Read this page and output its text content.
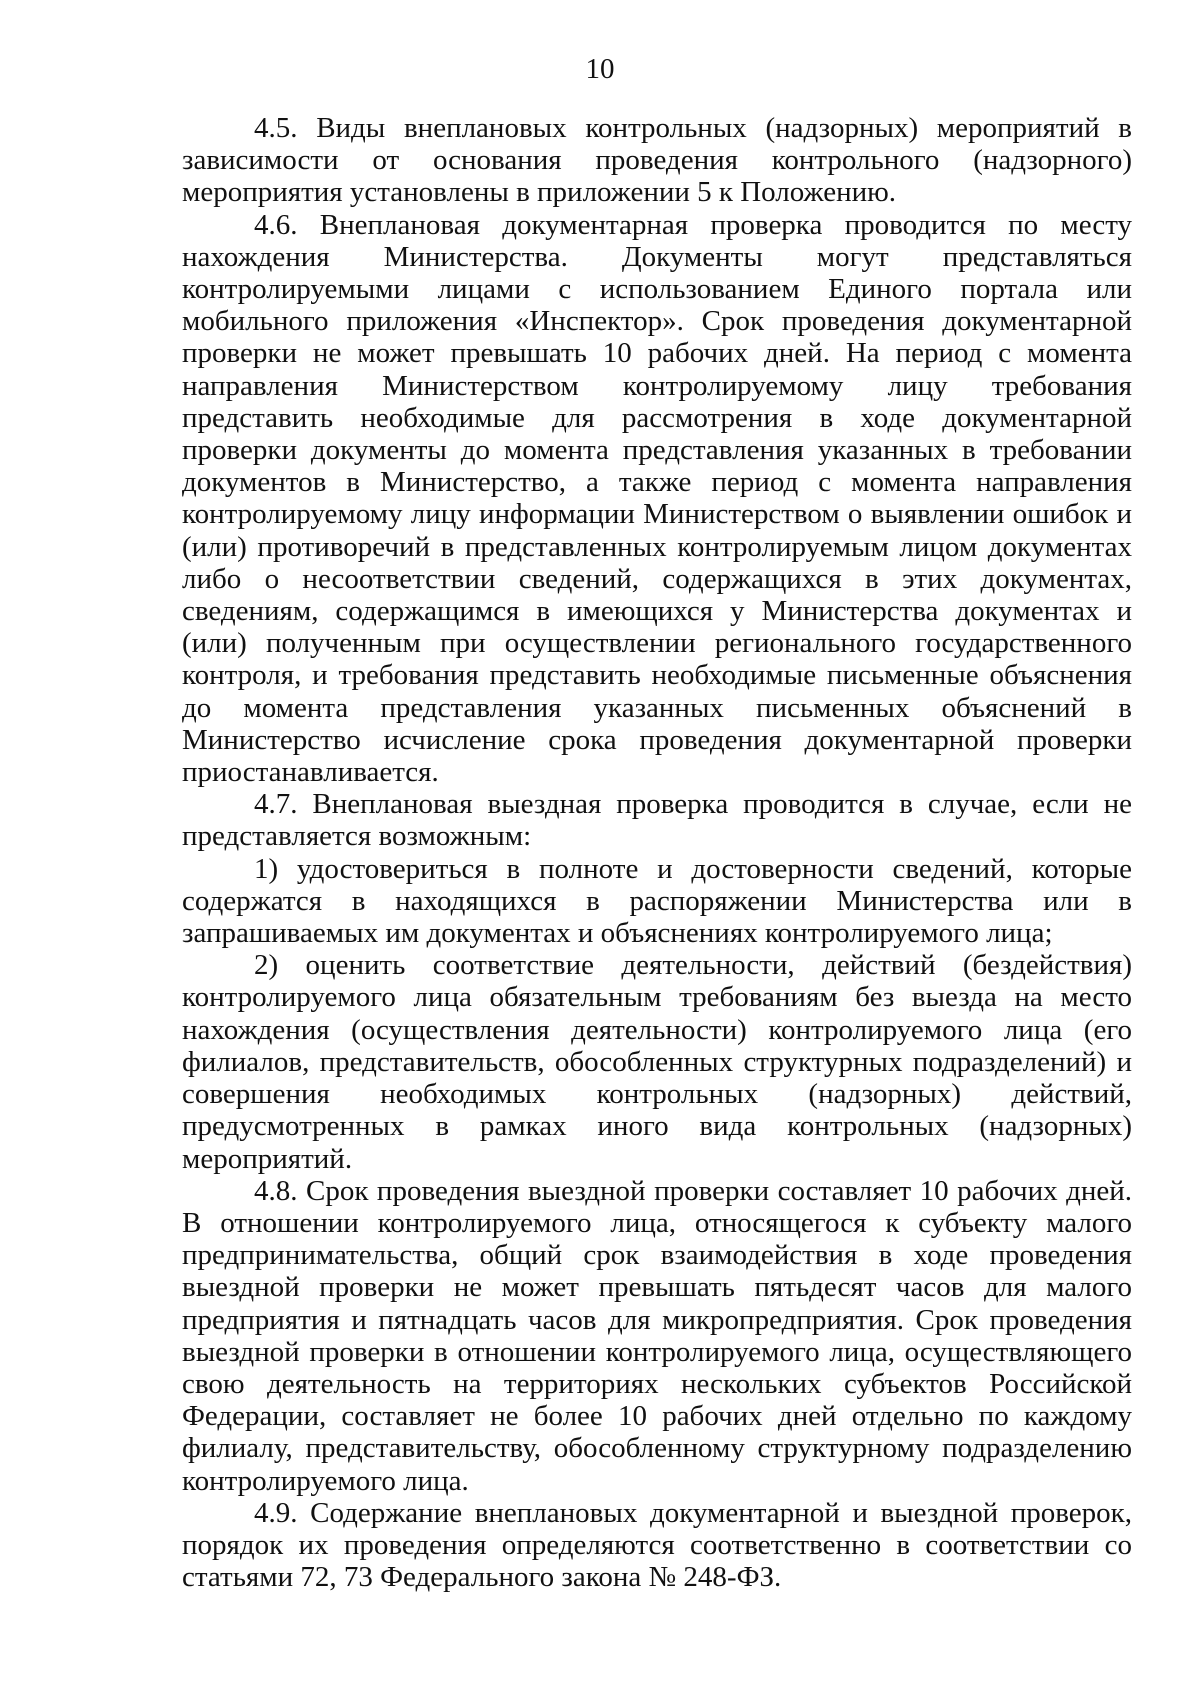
10

4.5. Виды внеплановых контрольных (надзорных) мероприятий в зависимости от основания проведения контрольного (надзорного) мероприятия установлены в приложении 5 к Положению.

4.6. Внеплановая документарная проверка проводится по месту нахождения Министерства. Документы могут представляться контролируемыми лицами с использованием Единого портала или мобильного приложения «Инспектор». Срок проведения документарной проверки не может превышать 10 рабочих дней. На период с момента направления Министерством контролируемому лицу требования представить необходимые для рассмотрения в ходе документарной проверки документы до момента представления указанных в требовании документов в Министерство, а также период с момента направления контролируемому лицу информации Министерством о выявлении ошибок и (или) противоречий в представленных контролируемым лицом документах либо о несоответствии сведений, содержащихся в этих документах, сведениям, содержащимся в имеющихся у Министерства документах и (или) полученным при осуществлении регионального государственного контроля, и требования представить необходимые письменные объяснения до момента представления указанных письменных объяснений в Министерство исчисление срока проведения документарной проверки приостанавливается.

4.7. Внеплановая выездная проверка проводится в случае, если не представляется возможным:

1) удостовериться в полноте и достоверности сведений, которые содержатся в находящихся в распоряжении Министерства или в запрашиваемых им документах и объяснениях контролируемого лица;

2) оценить соответствие деятельности, действий (бездействия) контролируемого лица обязательным требованиям без выезда на место нахождения (осуществления деятельности) контролируемого лица (его филиалов, представительств, обособленных структурных подразделений) и совершения необходимых контрольных (надзорных) действий, предусмотренных в рамках иного вида контрольных (надзорных) мероприятий.

4.8. Срок проведения выездной проверки составляет 10 рабочих дней. В отношении контролируемого лица, относящегося к субъекту малого предпринимательства, общий срок взаимодействия в ходе проведения выездной проверки не может превышать пятьдесят часов для малого предприятия и пятнадцать часов для микропредприятия. Срок проведения выездной проверки в отношении контролируемого лица, осуществляющего свою деятельность на территориях нескольких субъектов Российской Федерации, составляет не более 10 рабочих дней отдельно по каждому филиалу, представительству, обособленному структурному подразделению контролируемого лица.

4.9. Содержание внеплановых документарной и выездной проверок, порядок их проведения определяются соответственно в соответствии со статьями 72, 73 Федерального закона № 248-ФЗ.
